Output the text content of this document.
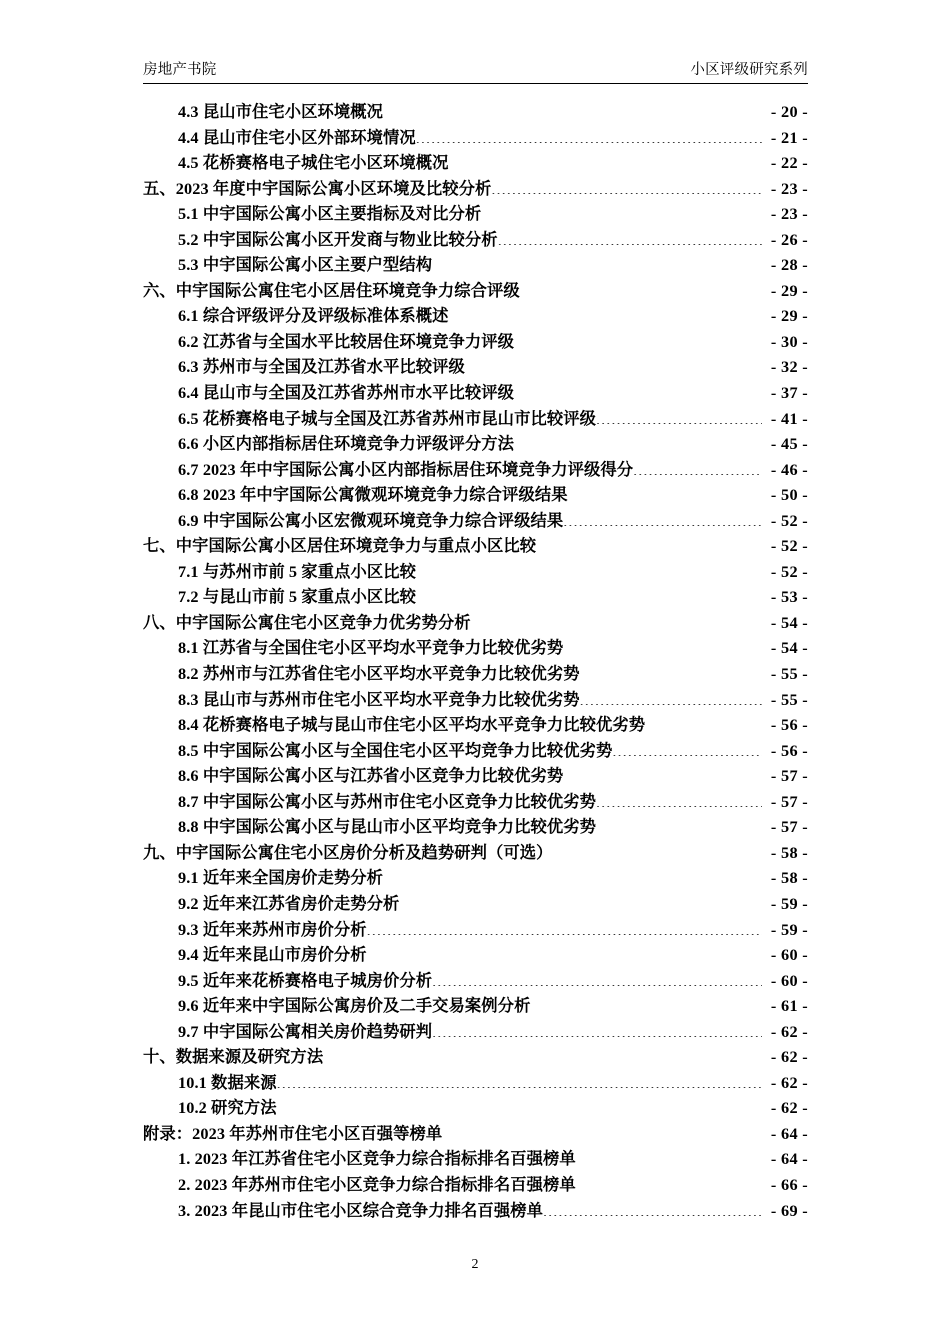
房地产书院	小区评级研究系列
4.3 昆山市住宅小区环境概况 .....	- 20 -
4.4 昆山市住宅小区外部环境情况 .....	- 21 -
4.5 花桥赛格电子城住宅小区环境概况 .....	- 22 -
五、2023 年度中宇国际公寓小区环境及比较分析 .....	- 23 -
5.1 中宇国际公寓小区主要指标及对比分析 .....	- 23 -
5.2 中宇国际公寓小区开发商与物业比较分析 .....	- 26 -
5.3 中宇国际公寓小区主要户型结构 .....	- 28 -
六、中宇国际公寓住宅小区居住环境竞争力综合评级 .....	- 29 -
6.1 综合评级评分及评级标准体系概述 .....	- 29 -
6.2 江苏省与全国水平比较居住环境竞争力评级 .....	- 30 -
6.3 苏州市与全国及江苏省水平比较评级 .....	- 32 -
6.4 昆山市与全国及江苏省苏州市水平比较评级 .....	- 37 -
6.5 花桥赛格电子城与全国及江苏省苏州市昆山市比较评级 .....	- 41 -
6.6 小区内部指标居住环境竞争力评级评分方法 .....	- 45 -
6.7 2023 年中宇国际公寓小区内部指标居住环境竞争力评级得分 .....	- 46 -
6.8 2023 年中宇国际公寓微观环境竞争力综合评级结果 .....	- 50 -
6.9 中宇国际公寓小区宏微观环境竞争力综合评级结果 .....	- 52 -
七、中宇国际公寓小区居住环境竞争力与重点小区比较 .....	- 52 -
7.1 与苏州市前 5 家重点小区比较 .....	- 52 -
7.2 与昆山市前 5 家重点小区比较 .....	- 53 -
八、中宇国际公寓住宅小区竞争力优劣势分析 .....	- 54 -
8.1 江苏省与全国住宅小区平均水平竞争力比较优劣势 .....	- 54 -
8.2 苏州市与江苏省住宅小区平均水平竞争力比较优劣势 .....	- 55 -
8.3 昆山市与苏州市住宅小区平均水平竞争力比较优劣势 .....	- 55 -
8.4 花桥赛格电子城与昆山市住宅小区平均水平竞争力比较优劣势 .....	- 56 -
8.5 中宇国际公寓小区与全国住宅小区平均竞争力比较优劣势 .....	- 56 -
8.6 中宇国际公寓小区与江苏省小区竞争力比较优劣势 .....	- 57 -
8.7 中宇国际公寓小区与苏州市住宅小区竞争力比较优劣势 .....	- 57 -
8.8 中宇国际公寓小区与昆山市小区平均竞争力比较优劣势 .....	- 57 -
九、中宇国际公寓住宅小区房价分析及趋势研判（可选） .....	- 58 -
9.1 近年来全国房价走势分析 .....	- 58 -
9.2 近年来江苏省房价走势分析 .....	- 59 -
9.3 近年来苏州市房价分析 .....	- 59 -
9.4 近年来昆山市房价分析 .....	- 60 -
9.5 近年来花桥赛格电子城房价分析 .....	- 60 -
9.6 近年来中宇国际公寓房价及二手交易案例分析 .....	- 61 -
9.7 中宇国际公寓相关房价趋势研判 .....	- 62 -
十、数据来源及研究方法 .....	- 62 -
10.1 数据来源 .....	- 62 -
10.2 研究方法 .....	- 62 -
附录：2023 年苏州市住宅小区百强等榜单 .....	- 64 -
1. 2023 年江苏省住宅小区竞争力综合指标排名百强榜单 .....	- 64 -
2. 2023 年苏州市住宅小区竞争力综合指标排名百强榜单 .....	- 66 -
3. 2023 年昆山市住宅小区综合竞争力排名百强榜单 .....	- 69 -
2
